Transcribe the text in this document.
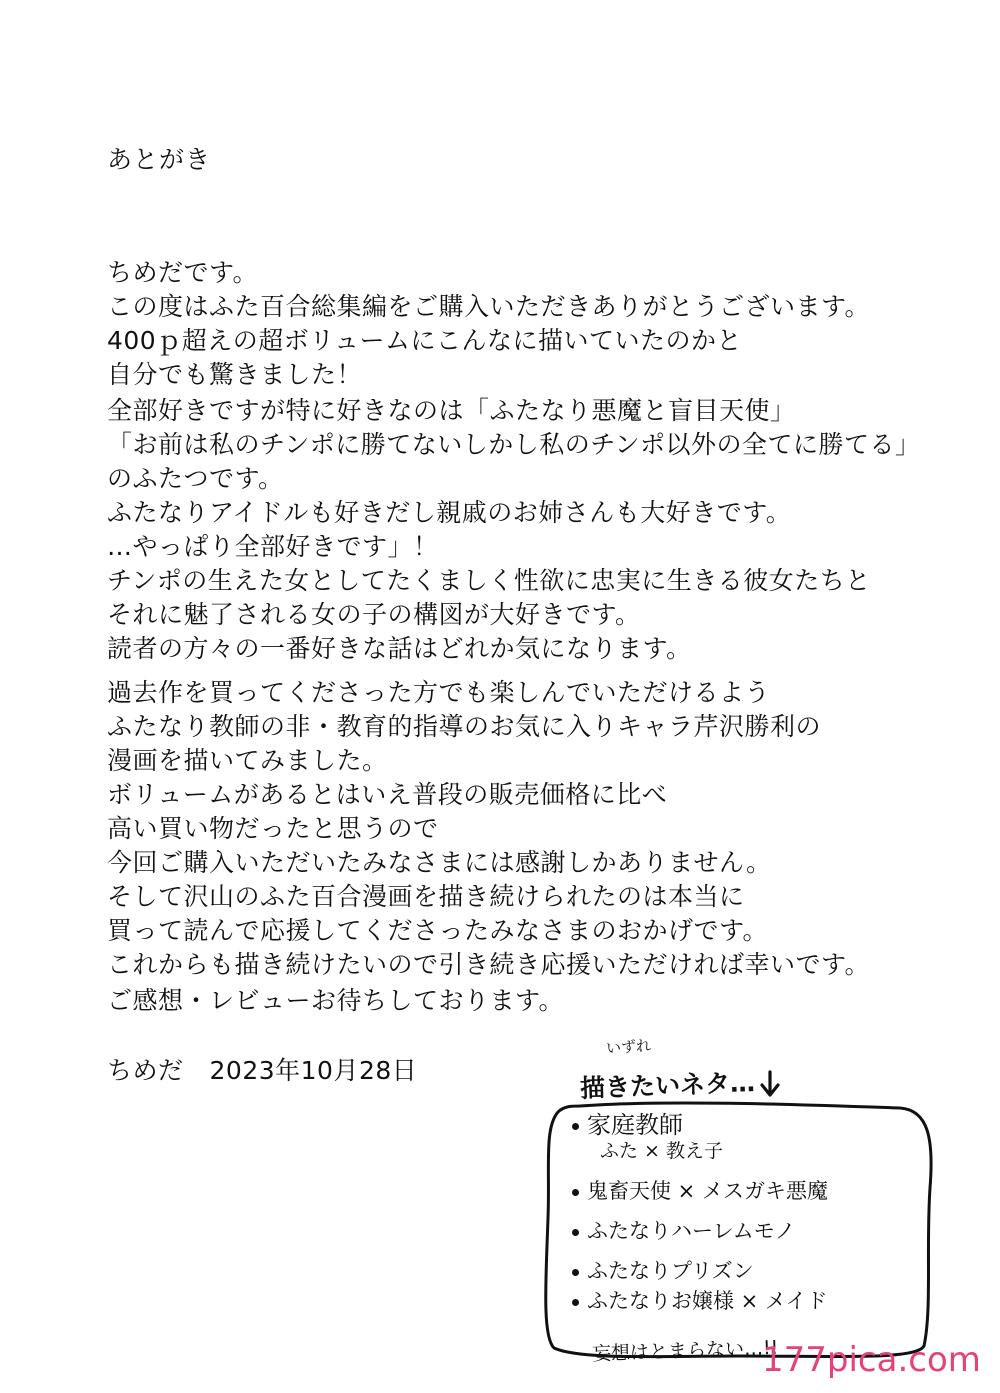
あとがき
ちめだです。
この度はふた百合総集編をご購入いただきありがとうございます。
400ｐ超えの超ボリュームにこんなに描いていたのかと
自分でも驚きました！
全部好きですが特に好きなのは「ふたなり悪魔と盲目天使」
「お前は私のチンポに勝てないしかし私のチンポ以外の全てに勝てる」
のふたつです。
ふたなりアイドルも好きだし親戚のお姉さんも大好きです。
…やっぱり全部好きです」！
チンポの生えた女としてたくましく性欲に忠実に生きる彼女たちと
それに魅了される女の子の構図が大好きです。
読者の方々の一番好きな話はどれか気になります。
過去作を買ってくださった方でも楽しんでいただけるよう
ふたなり教師の非・教育的指導のお気に入りキャラ芹沢勝利の
漫画を描いてみました。
ボリュームがあるとはいえ普段の販売価格に比べ
高い買い物だったと思うので
今回ご購入いただいたみなさまには感謝しかありません。
そして沢山のふた百合漫画を描き続けられたのは本当に
買って読んで応援してくださったみなさまのおかげです。
これからも描き続けたいので引き続き応援いただければ幸いです。
ご感想・レビューお待ちしております。
ちめだ 2023年10月28日
いずれ
描きたいネタ…
家庭教師
ふた × 教え子
鬼畜天使 × メスガキ悪魔
ふたなりハーレムモノ
ふたなりプリズン
ふたなりお嬢様 × メイド
妄想はとまらない…!!
177pica.com
